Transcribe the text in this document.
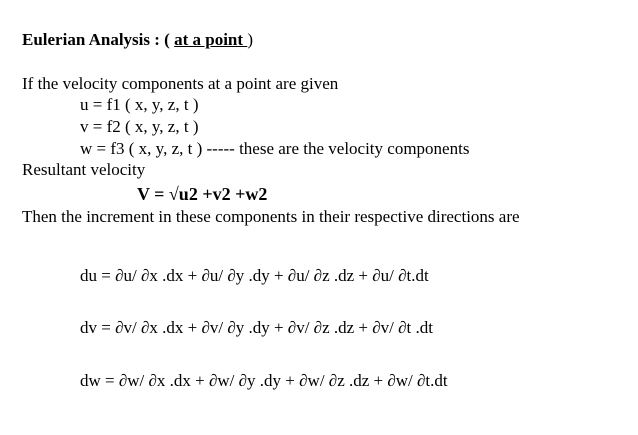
Eulerian Analysis : ( at a point )
If the velocity components at a point are given
u = f1 ( x, y, z, t )
v = f2 ( x, y, z, t )
w = f3 ( x, y, z, t ) ----- these are the velocity components
Resultant velocity
V = √u2 +v2 +w2
Then the increment in these components in their respective directions are
du = ∂u/ ∂x .dx + ∂u/ ∂y .dy + ∂u/ ∂z .dz + ∂u/ ∂t.dt
dv = ∂v/ ∂x .dx + ∂v/ ∂y .dy + ∂v/ ∂z .dz + ∂v/ ∂t .dt
dw = ∂w/ ∂x .dx + ∂w/ ∂y .dy + ∂w/ ∂z .dz + ∂w/ ∂t.dt
